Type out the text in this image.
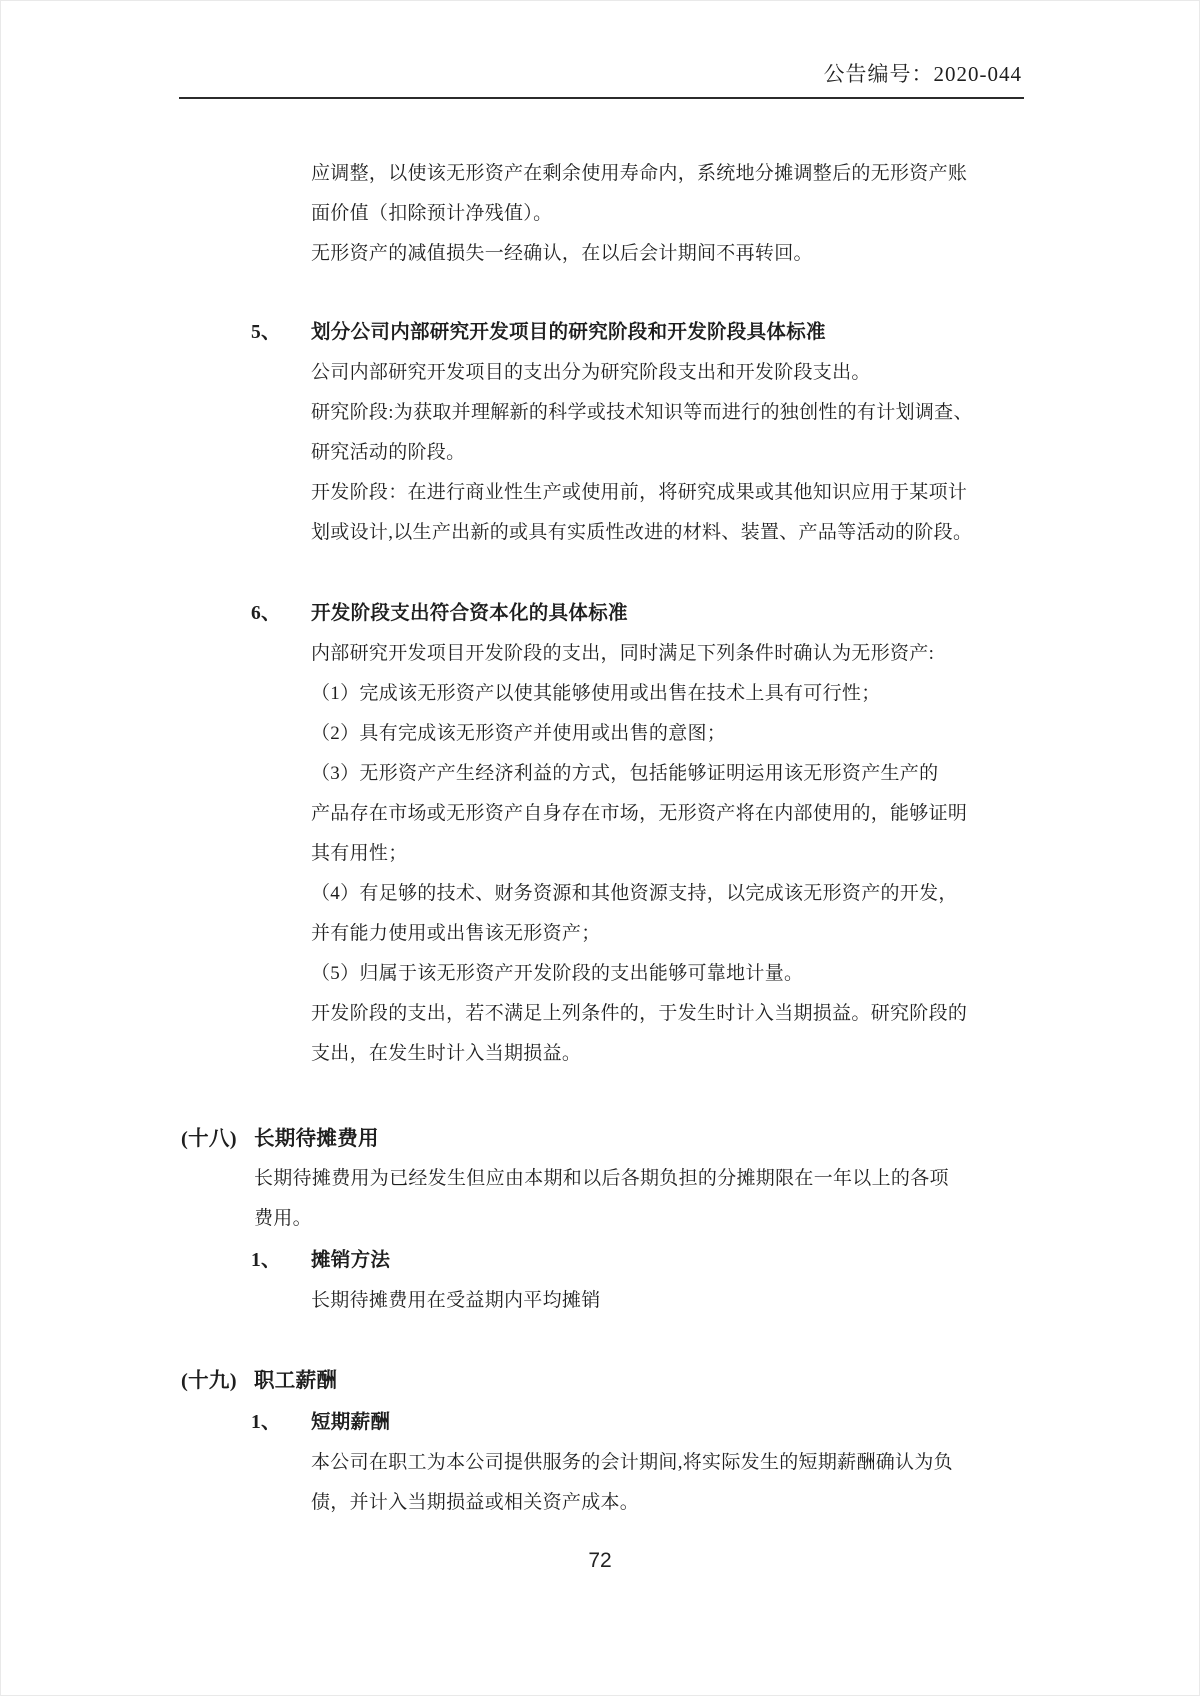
公告编号：2020-044
应调整，以使该无形资产在剩余使用寿命内，系统地分摊调整后的无形资产账
面价值（扣除预计净残值）。
无形资产的减值损失一经确认，在以后会计期间不再转回。
5、	划分公司内部研究开发项目的研究阶段和开发阶段具体标准
公司内部研究开发项目的支出分为研究阶段支出和开发阶段支出。
研究阶段:为获取并理解新的科学或技术知识等而进行的独创性的有计划调查、
研究活动的阶段。
开发阶段：在进行商业性生产或使用前，将研究成果或其他知识应用于某项计
划或设计,以生产出新的或具有实质性改进的材料、装置、产品等活动的阶段。
6、	开发阶段支出符合资本化的具体标准
内部研究开发项目开发阶段的支出，同时满足下列条件时确认为无形资产:
（1）完成该无形资产以使其能够使用或出售在技术上具有可行性；
（2）具有完成该无形资产并使用或出售的意图；
（3）无形资产产生经济利益的方式，包括能够证明运用该无形资产生产的
产品存在市场或无形资产自身存在市场，无形资产将在内部使用的，能够证明
其有用性；
（4）有足够的技术、财务资源和其他资源支持，以完成该无形资产的开发，
并有能力使用或出售该无形资产；
（5）归属于该无形资产开发阶段的支出能够可靠地计量。
开发阶段的支出，若不满足上列条件的，于发生时计入当期损益。研究阶段的
支出，在发生时计入当期损益。
(十八) 长期待摊费用
长期待摊费用为已经发生但应由本期和以后各期负担的分摊期限在一年以上的各项
费用。
1、	摊销方法
长期待摊费用在受益期内平均摊销
(十九) 职工薪酬
1、	短期薪酬
本公司在职工为本公司提供服务的会计期间,将实际发生的短期薪酬确认为负
债，并计入当期损益或相关资产成本。
72
